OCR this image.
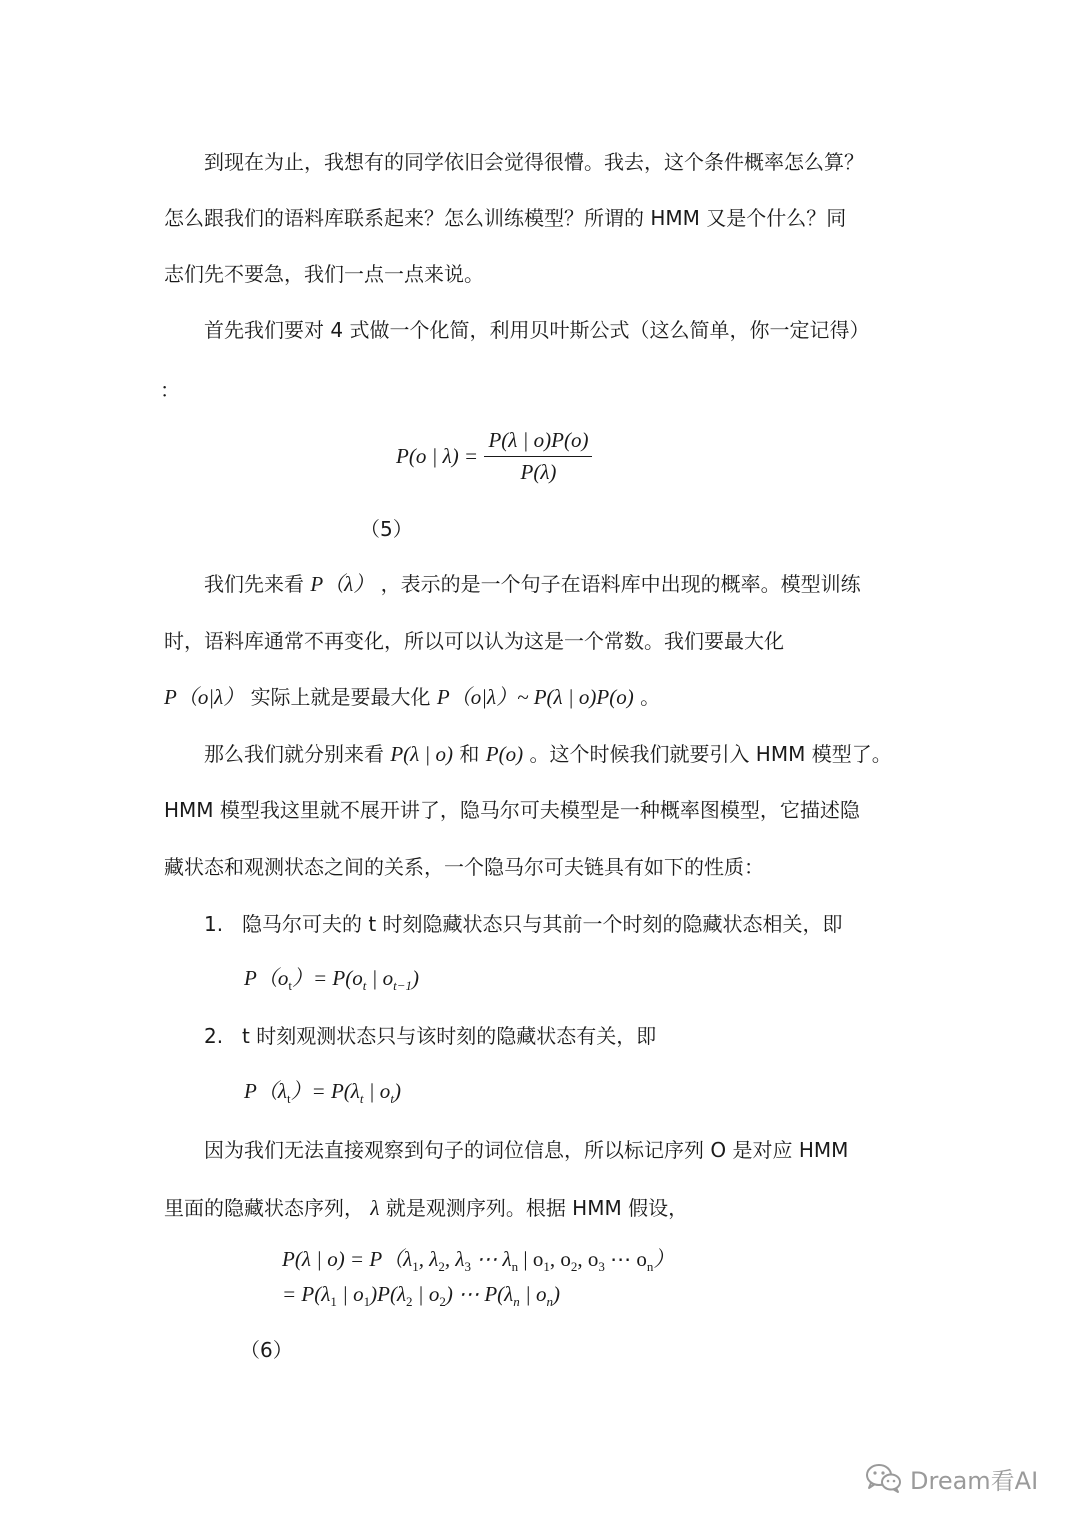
到现在为止，我想有的同学依旧会觉得很懵。我去，这个条件概率怎么算？
怎么跟我们的语料库联系起来？怎么训练模型？所谓的 HMM 又是个什么？同
志们先不要急，我们一点一点来说。
首先我们要对 4 式做一个化简，利用贝叶斯公式（这么简单，你一定记得）
：
P(o | $\lambda) = \frac{P(\lambda | o)P(o)}{P(\lambda)}$
（5）
我们先来看 P（λ） ，表示的是一个句子在语料库中出现的概率。模型训练
时，语料库通常不再变化，所以可以认为这是一个常数。我们要最大化
P（o|λ） 实际上就是要最大化 P（o|λ）~ P(λ | o)P(o) 。
那么我们就分别来看 P(λ | o) 和 P(o) 。这个时候我们就要引入 HMM 模型了。
HMM 模型我这里就不展开讲了，隐马尔可夫模型是一种概率图模型，它描述隐
藏状态和观测状态之间的关系，一个隐马尔可夫链具有如下的性质：
1. 隐马尔可夫的 t 时刻隐藏状态只与其前一个时刻的隐藏状态相关，即
$P(o_t)= P(o_t$ | $o_{t-1}$)
2. t 时刻观测状态只与该时刻的隐藏状态有关，即
$P(\lambda_t)= P(\lambda_t$ | $o_t$)
因为我们无法直接观察到句子的词位信息，所以标记序列 O 是对应 HMM
里面的隐藏状态序列， λ 就是观测序列。根据 HMM 假设，
P(λ | $o) = P(\lambda_1$, $\lambda_2$, $\lambda_3$ ⋯ $\lambda_n$ | $o_1$, $o_2$, $o_3$ ⋯ $o_n$）
= $P(\lambda_1$ | $o_1)P(\lambda_2$ | $o_2$) ⋯ $P(\lambda_n$ | $o_n$)
（6）
Dream看AI
